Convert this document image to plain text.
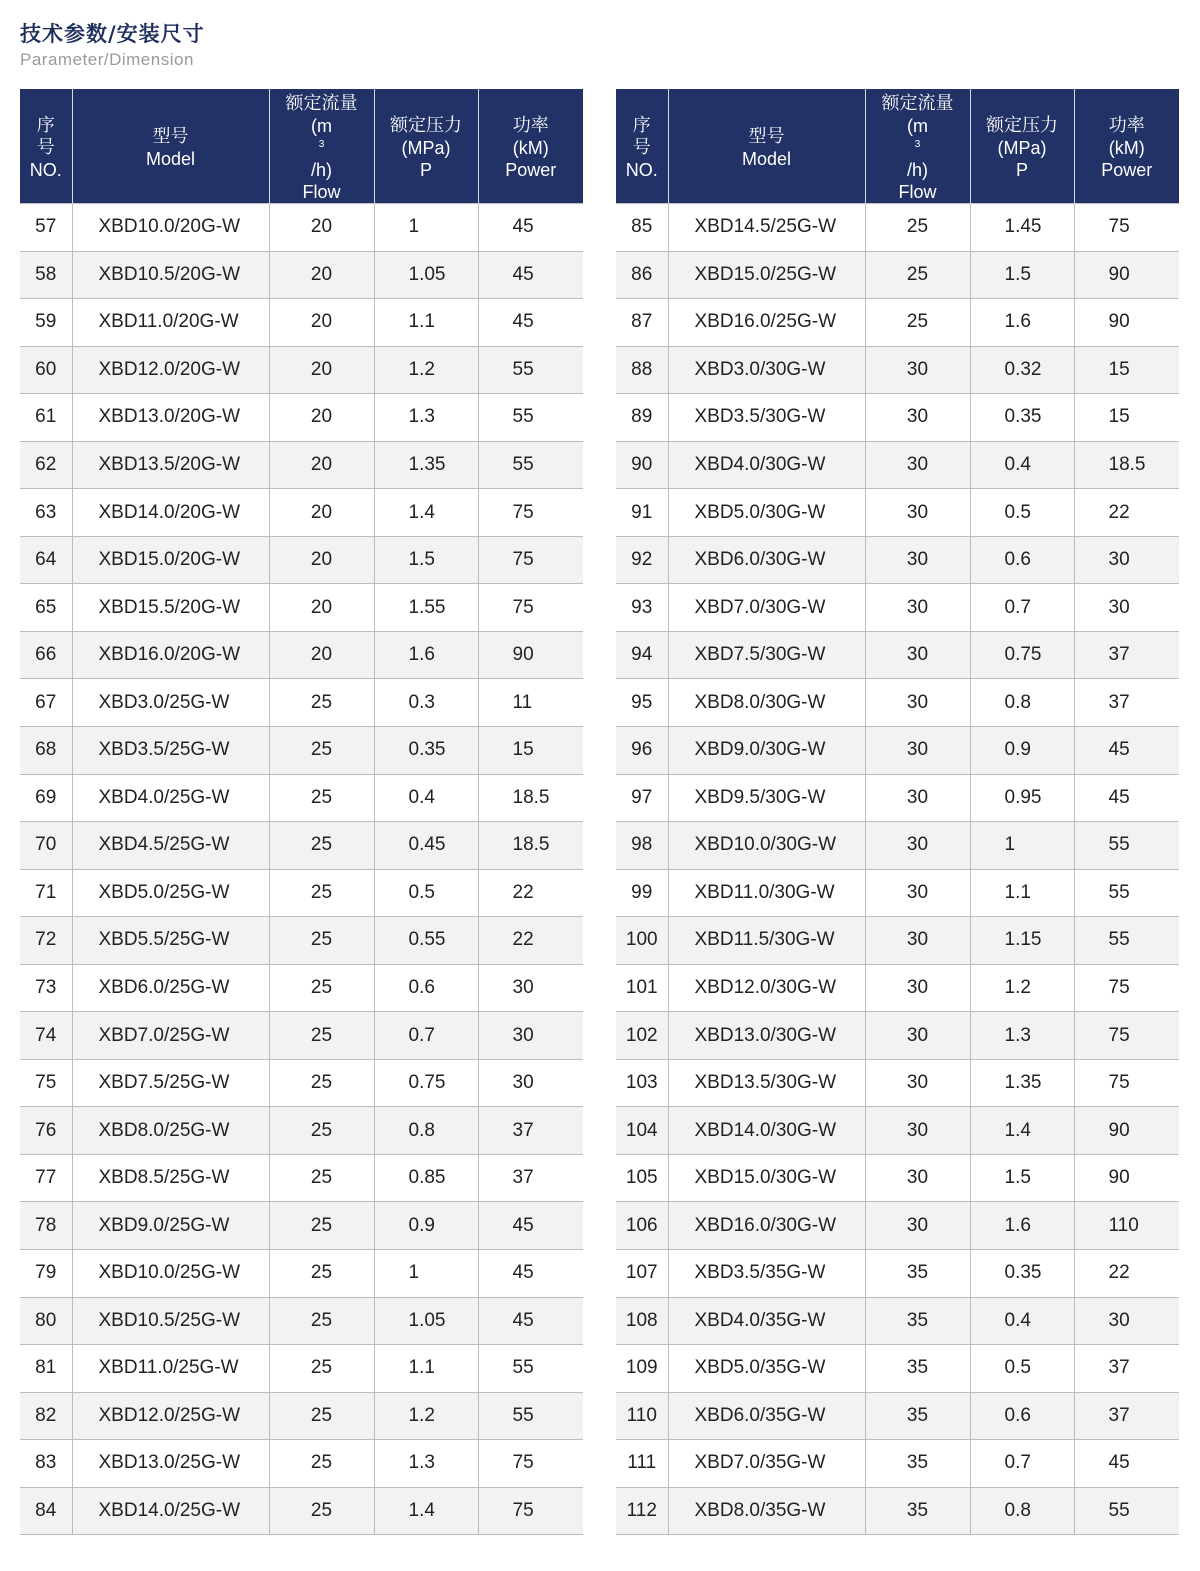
技术参数/安装尺寸
Parameter/Dimension
序
号
NO.	型号
Model	额定流量
(m
$^3$
/h)
Flow	额定压力
(MPa)
P	功率
(kM)
Power

57	XBD10.0/20G-W	20	1	45
58	XBD10.5/20G-W	20	1.05	45
59	XBD11.0/20G-W	20	1.1	45
60	XBD12.0/20G-W	20	1.2	55
61	XBD13.0/20G-W	20	1.3	55
62	XBD13.5/20G-W	20	1.35	55
63	XBD14.0/20G-W	20	1.4	75
64	XBD15.0/20G-W	20	1.5	75
65	XBD15.5/20G-W	20	1.55	75
66	XBD16.0/20G-W	20	1.6	90
67	XBD3.0/25G-W	25	0.3	11
68	XBD3.5/25G-W	25	0.35	15
69	XBD4.0/25G-W	25	0.4	18.5
70	XBD4.5/25G-W	25	0.45	18.5
71	XBD5.0/25G-W	25	0.5	22
72	XBD5.5/25G-W	25	0.55	22
73	XBD6.0/25G-W	25	0.6	30
74	XBD7.0/25G-W	25	0.7	30
75	XBD7.5/25G-W	25	0.75	30
76	XBD8.0/25G-W	25	0.8	37
77	XBD8.5/25G-W	25	0.85	37
78	XBD9.0/25G-W	25	0.9	45
79	XBD10.0/25G-W	25	1	45
80	XBD10.5/25G-W	25	1.05	45
81	XBD11.0/25G-W	25	1.1	55
82	XBD12.0/25G-W	25	1.2	55
83	XBD13.0/25G-W	25	1.3	75
84	XBD14.0/25G-W	25	1.4	75
序
号
NO.	型号
Model	额定流量
(m
$^3$
/h)
Flow	额定压力
(MPa)
P	功率
(kM)
Power

85	XBD14.5/25G-W	25	1.45	75
86	XBD15.0/25G-W	25	1.5	90
87	XBD16.0/25G-W	25	1.6	90
88	XBD3.0/30G-W	30	0.32	15
89	XBD3.5/30G-W	30	0.35	15
90	XBD4.0/30G-W	30	0.4	18.5
91	XBD5.0/30G-W	30	0.5	22
92	XBD6.0/30G-W	30	0.6	30
93	XBD7.0/30G-W	30	0.7	30
94	XBD7.5/30G-W	30	0.75	37
95	XBD8.0/30G-W	30	0.8	37
96	XBD9.0/30G-W	30	0.9	45
97	XBD9.5/30G-W	30	0.95	45
98	XBD10.0/30G-W	30	1	55
99	XBD11.0/30G-W	30	1.1	55
100	XBD11.5/30G-W	30	1.15	55
101	XBD12.0/30G-W	30	1.2	75
102	XBD13.0/30G-W	30	1.3	75
103	XBD13.5/30G-W	30	1.35	75
104	XBD14.0/30G-W	30	1.4	90
105	XBD15.0/30G-W	30	1.5	90
106	XBD16.0/30G-W	30	1.6	110
107	XBD3.5/35G-W	35	0.35	22
108	XBD4.0/35G-W	35	0.4	30
109	XBD5.0/35G-W	35	0.5	37
110	XBD6.0/35G-W	35	0.6	37
111	XBD7.0/35G-W	35	0.7	45
112	XBD8.0/35G-W	35	0.8	55
